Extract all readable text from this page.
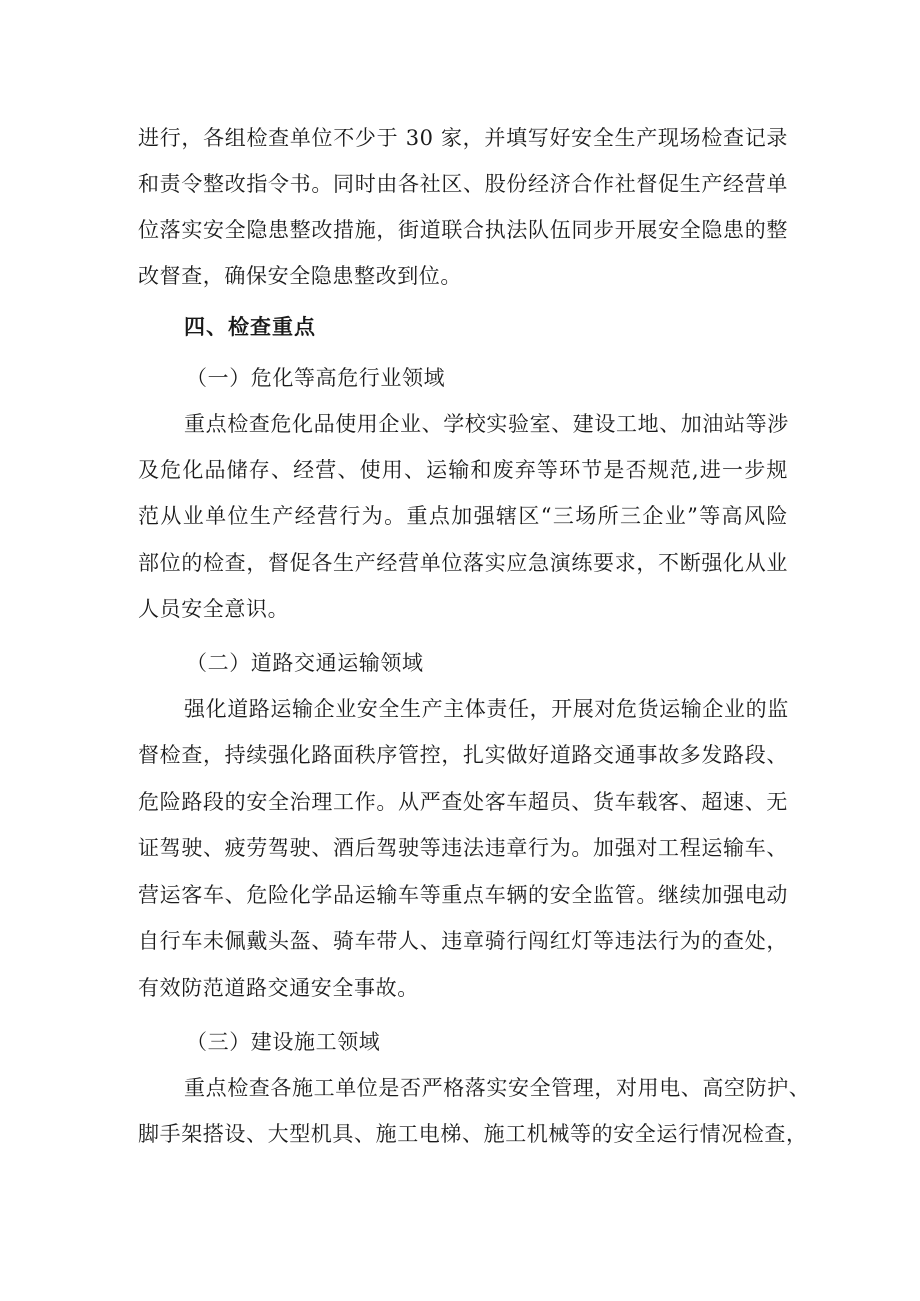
进行，各组检查单位不少于 30 家，并填写好安全生产现场检查记录
和责令整改指令书。同时由各社区、股份经济合作社督促生产经营单
位落实安全隐患整改措施，街道联合执法队伍同步开展安全隐患的整
改督查，确保安全隐患整改到位。
四、检查重点
（一）危化等高危行业领域
重点检查危化品使用企业、学校实验室、建设工地、加油站等涉
及危化品储存、经营、使用、运输和废弃等环节是否规范,进一步规
范从业单位生产经营行为。重点加强辖区“三场所三企业”等高风险
部位的检查，督促各生产经营单位落实应急演练要求，不断强化从业
人员安全意识。
（二）道路交通运输领域
强化道路运输企业安全生产主体责任，开展对危货运输企业的监
督检查，持续强化路面秩序管控，扎实做好道路交通事故多发路段、
危险路段的安全治理工作。从严查处客车超员、货车载客、超速、无
证驾驶、疲劳驾驶、酒后驾驶等违法违章行为。加强对工程运输车、
营运客车、危险化学品运输车等重点车辆的安全监管。继续加强电动
自行车未佩戴头盔、骑车带人、违章骑行闯红灯等违法行为的查处，
有效防范道路交通安全事故。
（三）建设施工领域
重点检查各施工单位是否严格落实安全管理，对用电、高空防护、
脚手架搭设、大型机具、施工电梯、施工机械等的安全运行情况检查，
